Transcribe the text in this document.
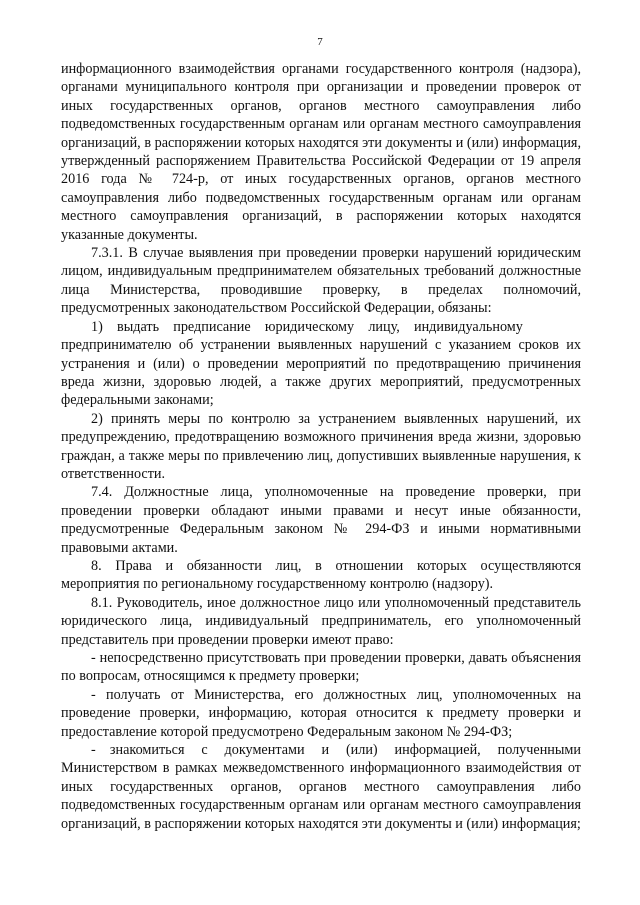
7

информационного взаимодействия органами государственного контроля (надзора), органами муниципального контроля при организации и проведении проверок от иных государственных органов, органов местного самоуправления либо подведомственных государственным органам или органам местного самоуправления организаций, в распоряжении которых находятся эти документы и (или) информация, утвержденный распоряжением Правительства Российской Федерации от 19 апреля 2016 года № 724-р, от иных государственных органов, органов местного самоуправления либо подведомственных государственным органам или органам местного самоуправления организаций, в распоряжении которых находятся указанные документы.

7.3.1. В случае выявления при проведении проверки нарушений юридическим лицом, индивидуальным предпринимателем обязательных требований должностные лица Министерства, проводившие проверку, в пределах полномочий, предусмотренных законодательством Российской Федерации, обязаны:

1) выдать предписание юридическому лицу, индивидуальному предпринимателю об устранении выявленных нарушений с указанием сроков их устранения и (или) о проведении мероприятий по предотвращению причинения вреда жизни, здоровью людей, а также других мероприятий, предусмотренных федеральными законами;

2) принять меры по контролю за устранением выявленных нарушений, их предупреждению, предотвращению возможного причинения вреда жизни, здоровью граждан, а также меры по привлечению лиц, допустивших выявленные нарушения, к ответственности.

7.4. Должностные лица, уполномоченные на проведение проверки, при проведении проверки обладают иными правами и несут иные обязанности, предусмотренные Федеральным законом № 294-ФЗ и иными нормативными правовыми актами.

8. Права и обязанности лиц, в отношении которых осуществляются мероприятия по региональному государственному контролю (надзору).

8.1. Руководитель, иное должностное лицо или уполномоченный представитель юридического лица, индивидуальный предприниматель, его уполномоченный представитель при проведении проверки имеют право:

- непосредственно присутствовать при проведении проверки, давать объяснения по вопросам, относящимся к предмету проверки;

- получать от Министерства, его должностных лиц, уполномоченных на проведение проверки, информацию, которая относится к предмету проверки и предоставление которой предусмотрено Федеральным законом № 294-ФЗ;

- знакомиться с документами и (или) информацией, полученными Министерством в рамках межведомственного информационного взаимодействия от иных государственных органов, органов местного самоуправления либо подведомственных государственным органам или органам местного самоуправления организаций, в распоряжении которых находятся эти документы и (или) информация;
